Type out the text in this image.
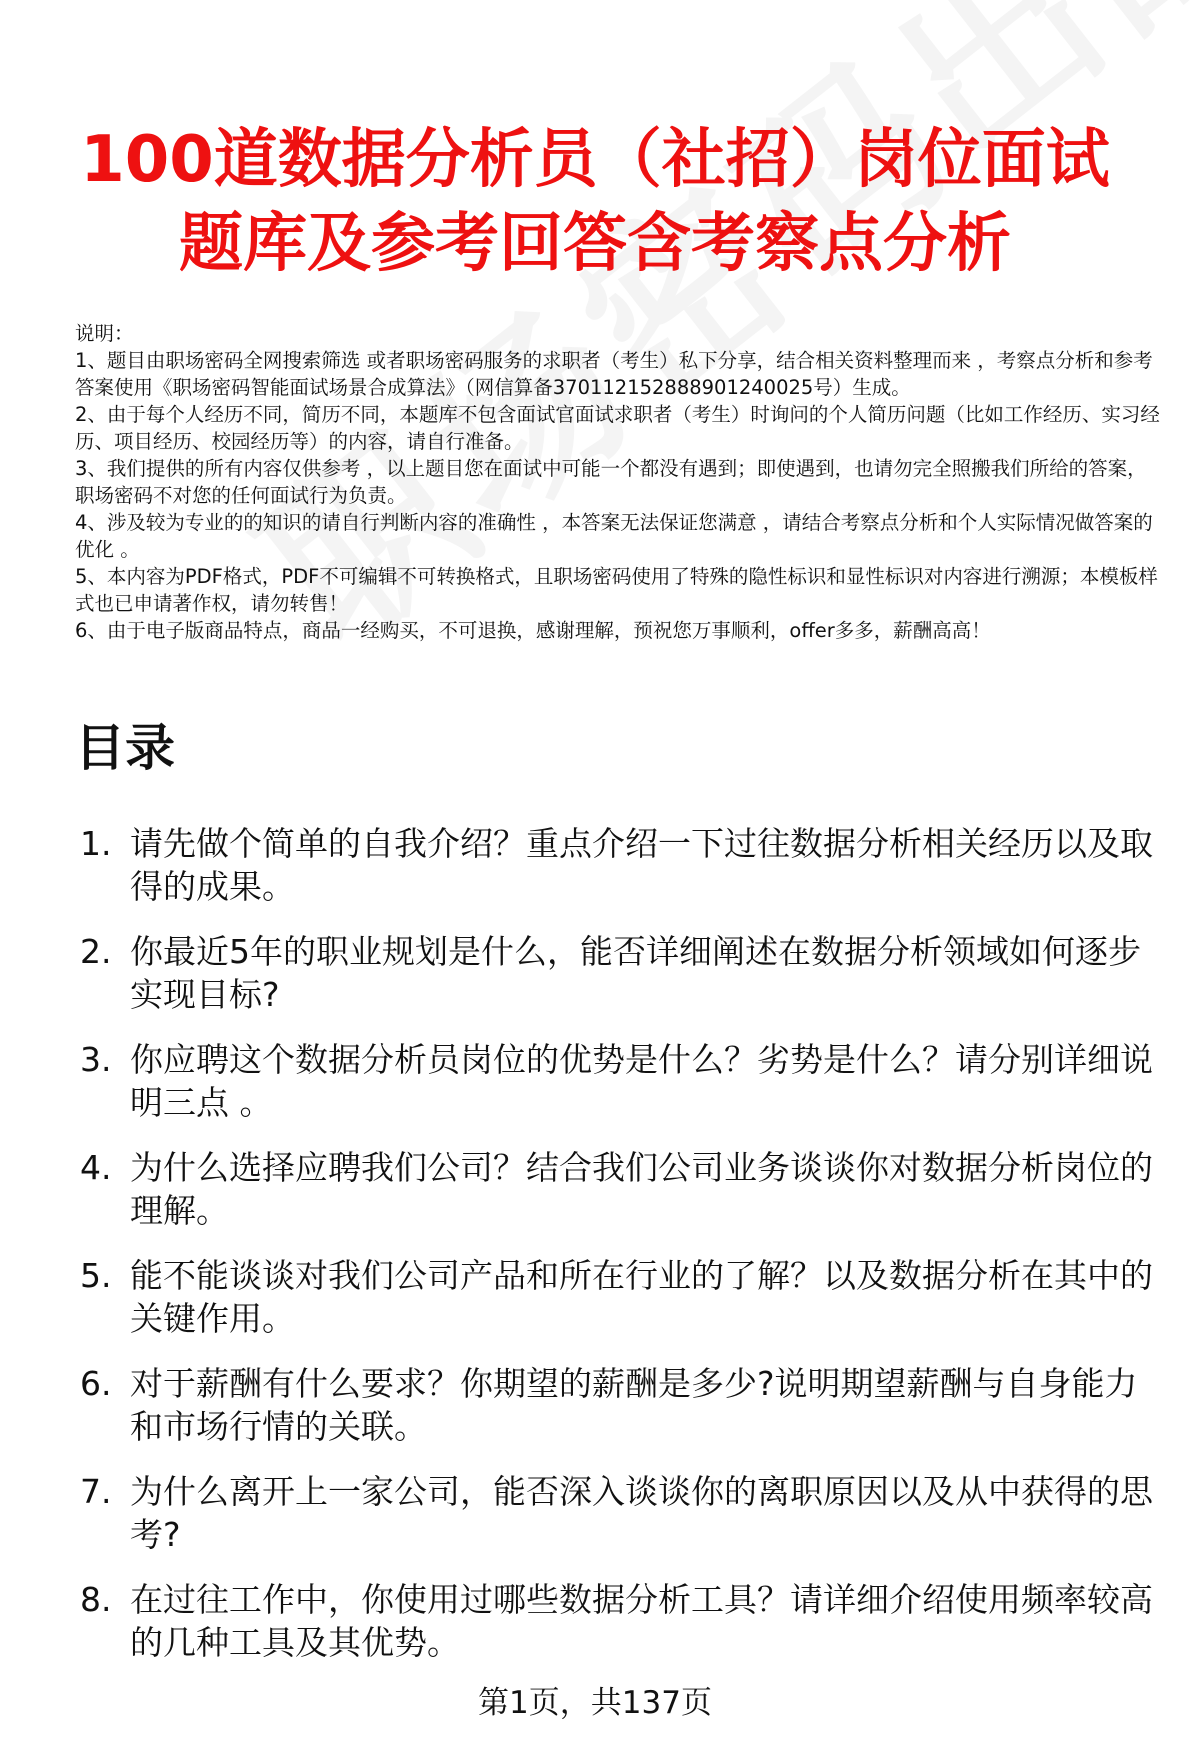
100道数据分析员（社招）岗位面试
题库及参考回答含考察点分析
说明：
1、题目由职场密码全网搜索筛选 或者职场密码服务的求职者（考生）私下分享，结合相关资料整理而来 ，考察点分析和参考答案使用《职场密码智能面试场景合成算法》（网信算备370112152888901240025号）生成。
2、由于每个人经历不同，简历不同，本题库不包含面试官面试求职者（考生）时询问的个人简历问题（比如工作经历、实习经历、项目经历、校园经历等）的内容，请自行准备。
3、我们提供的所有内容仅供参考 ，以上题目您在面试中可能一个都没有遇到；即使遇到，也请勿完全照搬我们所给的答案，职场密码不对您的任何面试行为负责。
4、涉及较为专业的的知识的请自行判断内容的准确性 ，本答案无法保证您满意 ，请结合考察点分析和个人实际情况做答案的优化 。
5、本内容为PDF格式，PDF不可编辑不可转换格式，且职场密码使用了特殊的隐性标识和显性标识对内容进行溯源；本模板样式也已申请著作权，请勿转售！
6、由于电子版商品特点，商品一经购买，不可退换，感谢理解，预祝您万事顺利，offer多多，薪酬高高！
目录
1. 请先做个简单的自我介绍？重点介绍一下过往数据分析相关经历以及取得的成果。
2. 你最近5年的职业规划是什么，能否详细阐述在数据分析领域如何逐步实现目标?
3. 你应聘这个数据分析员岗位的优势是什么？劣势是什么？请分别详细说明三点 。
4. 为什么选择应聘我们公司？结合我们公司业务谈谈你对数据分析岗位的理解。
5. 能不能谈谈对我们公司产品和所在行业的了解？以及数据分析在其中的关键作用。
6. 对于薪酬有什么要求？你期望的薪酬是多少?说明期望薪酬与自身能力和市场行情的关联。
7. 为什么离开上一家公司，能否深入谈谈你的离职原因以及从中获得的思考?
8. 在过往工作中，你使用过哪些数据分析工具？请详细介绍使用频率较高的几种工具及其优势。
第1页，共137页
